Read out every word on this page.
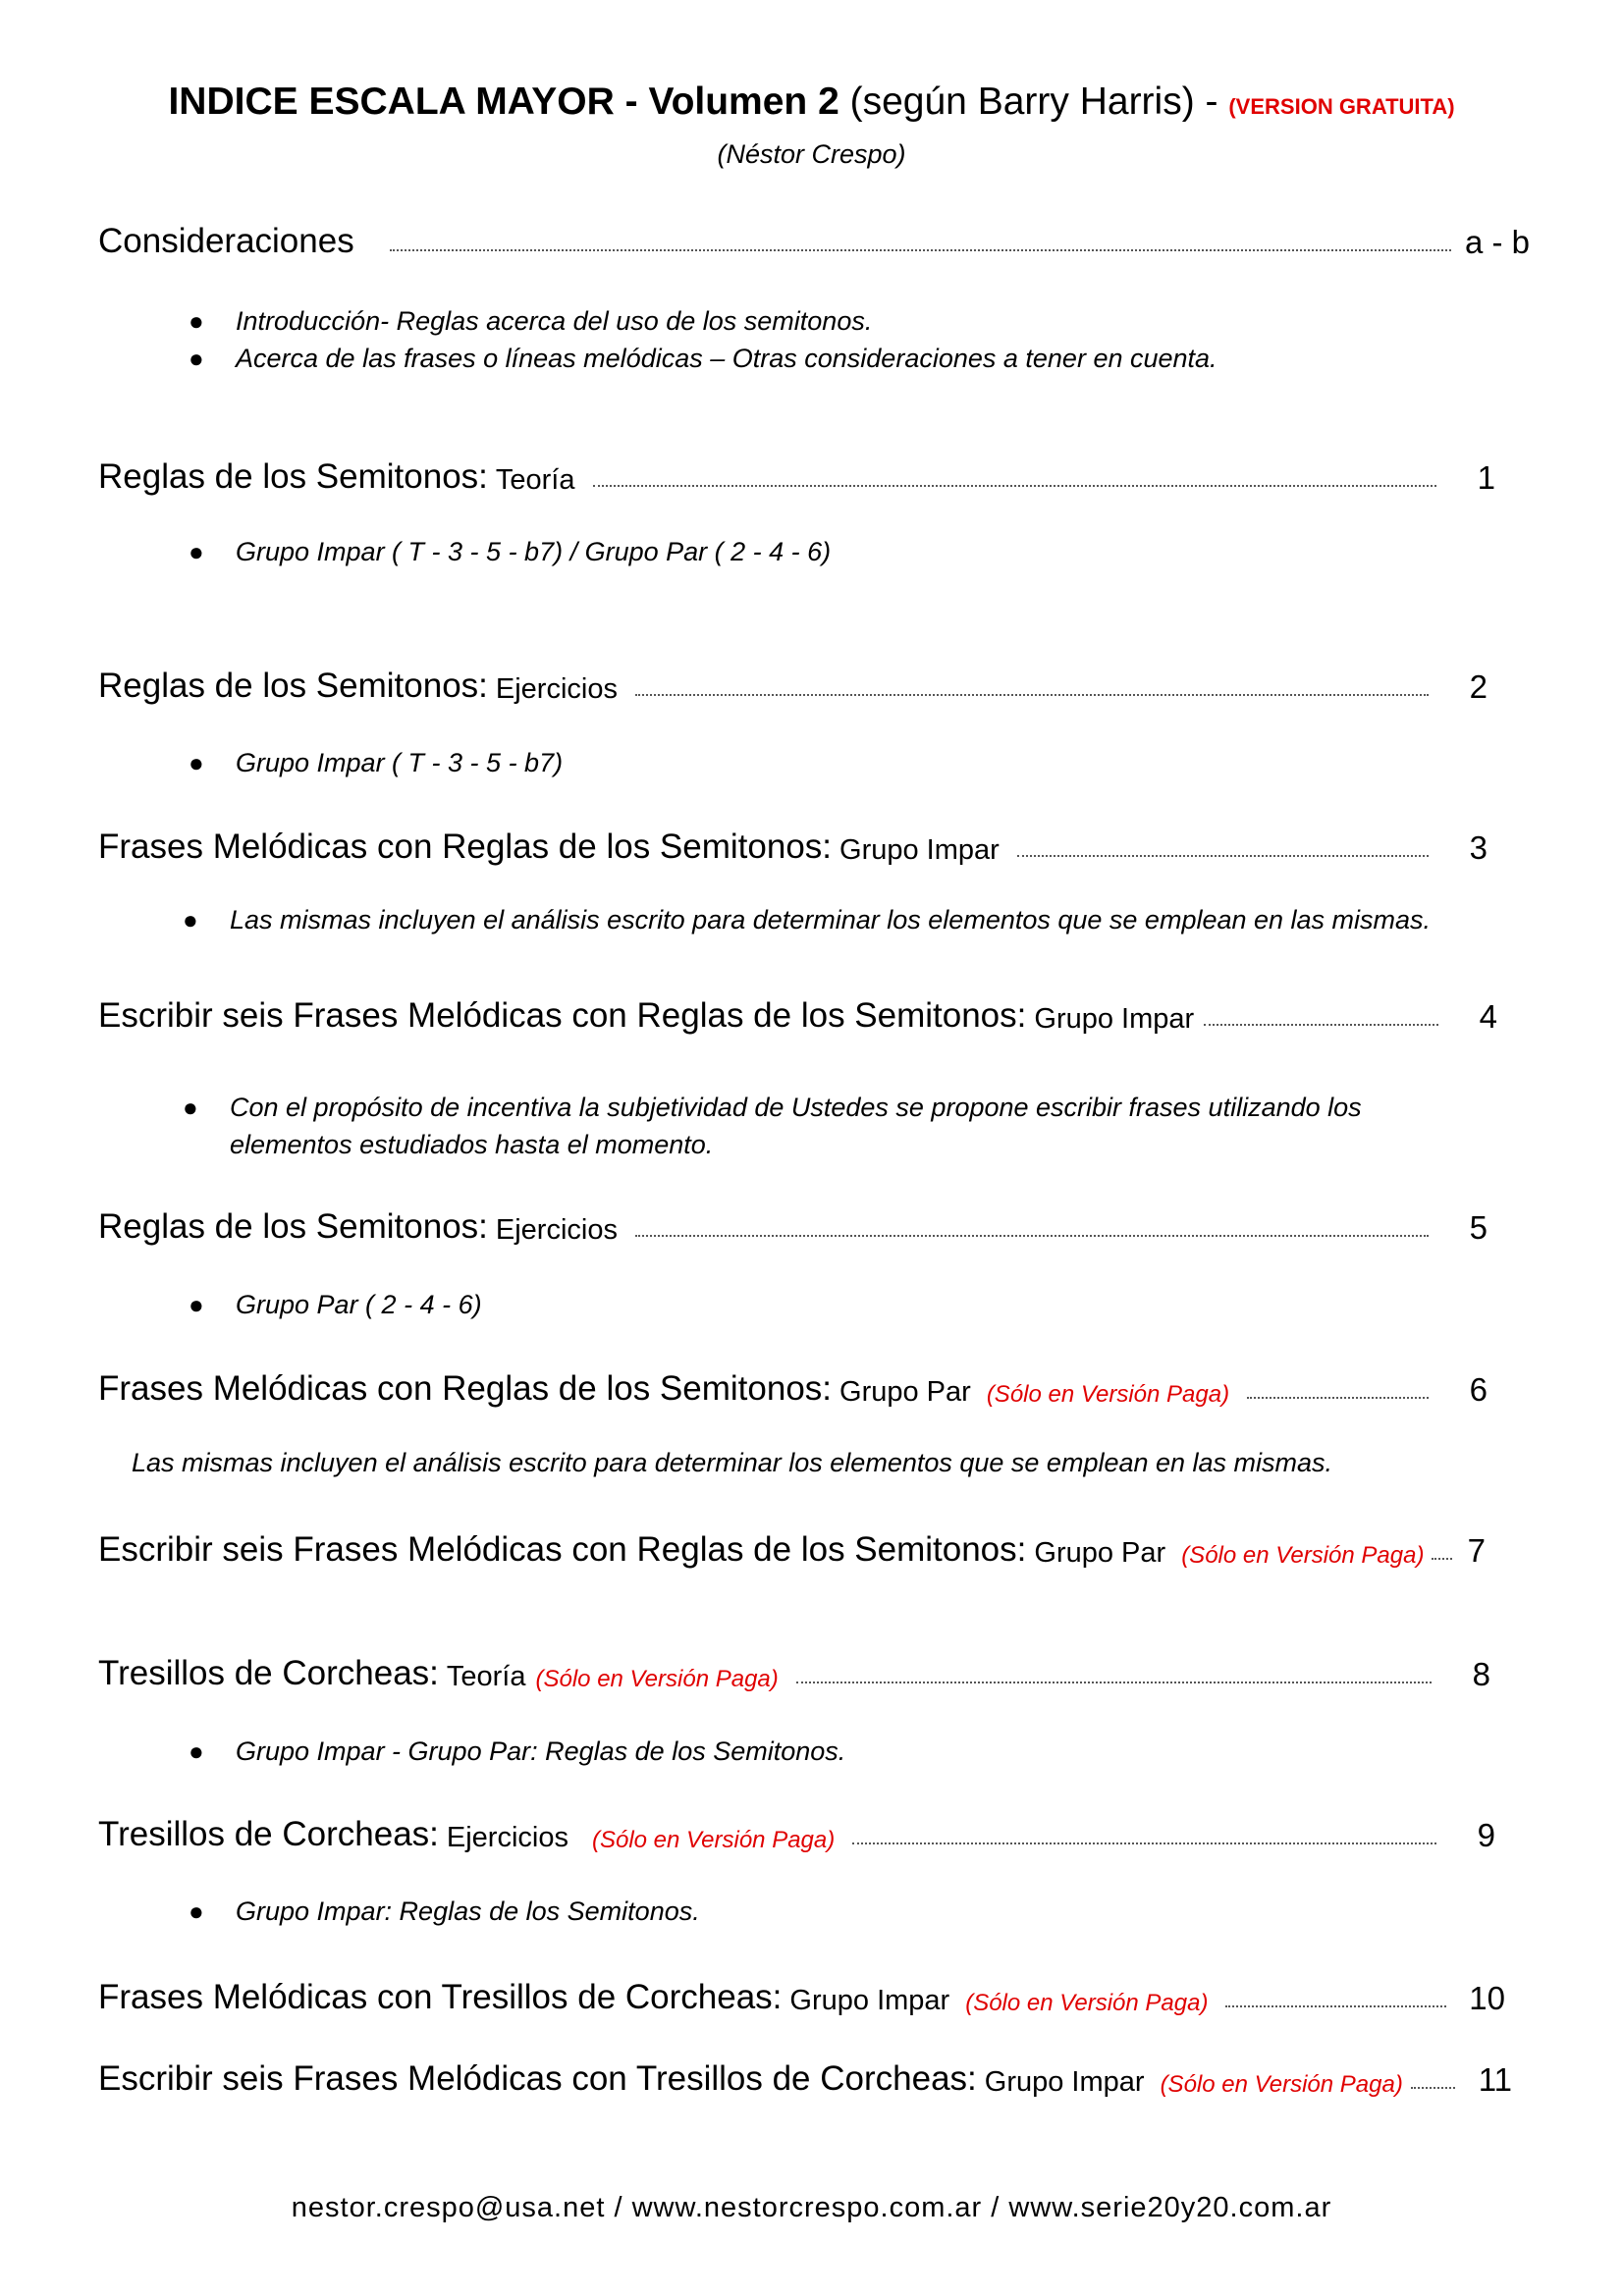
INDICE ESCALA MAYOR - Volumen 2 (según Barry Harris) - (VERSION GRATUITA)
(Néstor Crespo)
Consideraciones	a - b
● Introducción- Reglas acerca del uso de los semitonos.
● Acerca de las frases o líneas melódicas – Otras consideraciones a tener en cuenta.
Reglas de los Semitonos: Teoría	1
● Grupo Impar ( T - 3 - 5 - b7) / Grupo Par ( 2 - 4 - 6)
Reglas de los Semitonos: Ejercicios	2
● Grupo Impar ( T - 3 - 5 - b7)
Frases Melódicas con Reglas de los Semitonos: Grupo Impar	3
● Las mismas incluyen el análisis escrito para determinar los elementos que se emplean en las mismas.
Escribir seis Frases Melódicas con Reglas de los Semitonos: Grupo Impar	4
● Con el propósito de incentiva la subjetividad de Ustedes se propone escribir frases utilizando los
elementos estudiados hasta el momento.
Reglas de los Semitonos: Ejercicios	5
● Grupo Par ( 2 - 4 - 6)
Frases Melódicas con Reglas de los Semitonos: Grupo Par (Sólo en Versión Paga)	6
Las mismas incluyen el análisis escrito para determinar los elementos que se emplean en las mismas.
Escribir seis Frases Melódicas con Reglas de los Semitonos: Grupo Par (Sólo en Versión Paga)	7
Tresillos de Corcheas: Teoría (Sólo en Versión Paga)	8
● Grupo Impar - Grupo Par: Reglas de los Semitonos.
Tresillos de Corcheas: Ejercicios (Sólo en Versión Paga)	9
● Grupo Impar: Reglas de los Semitonos.
Frases Melódicas con Tresillos de Corcheas: Grupo Impar (Sólo en Versión Paga)	10
Escribir seis Frases Melódicas con Tresillos de Corcheas: Grupo Impar (Sólo en Versión Paga)	11
nestor.crespo@usa.net / www.nestorcrespo.com.ar / www.serie20y20.com.ar
